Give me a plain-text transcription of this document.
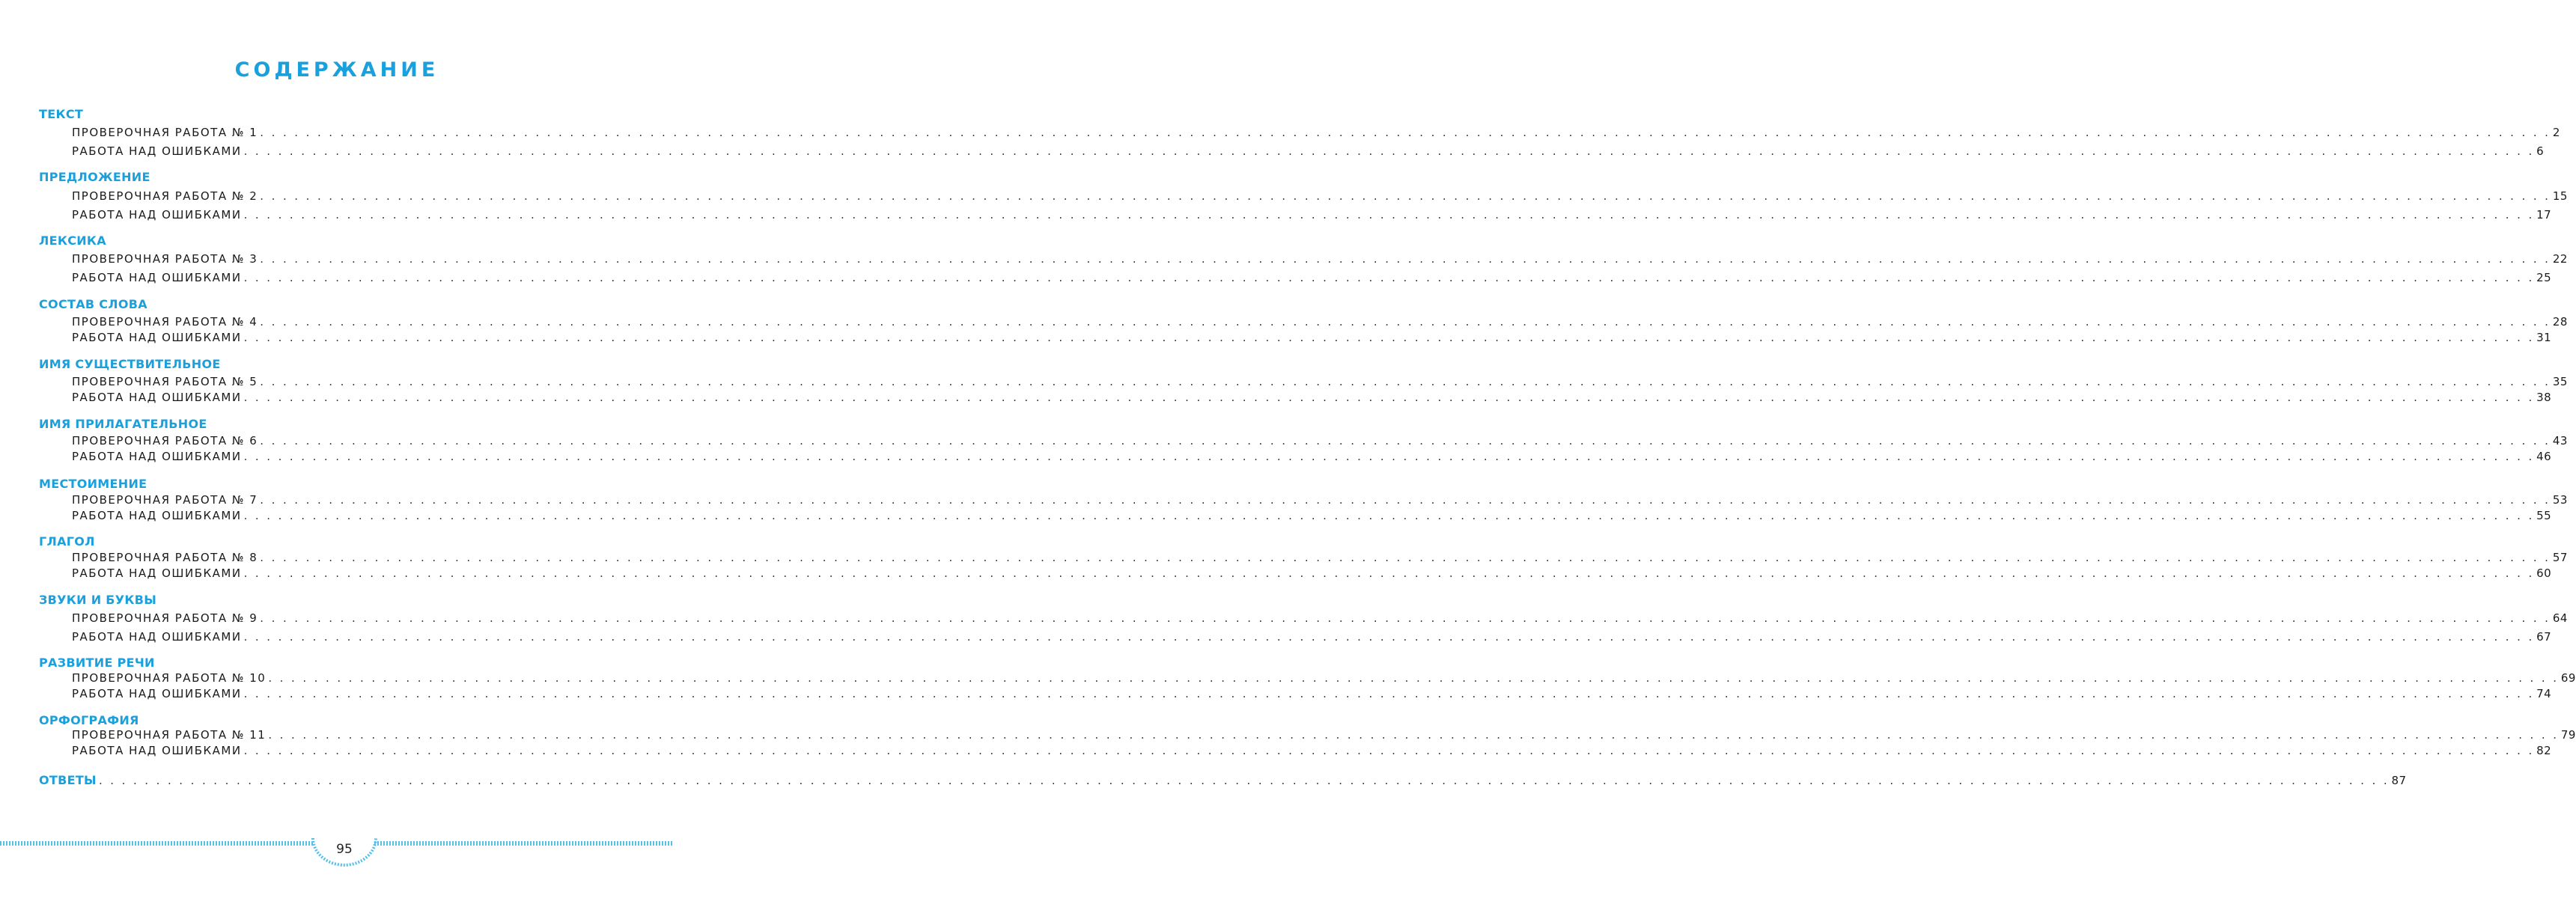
СОДЕРЖАНИЕ
ТЕКСТ
ПРОВЕРОЧНАЯ РАБОТА № 1 . . . . . . . . . . . . . . . . . . . . . . . . . . . . . . . . . . . . . . . . . . . . . . . . . . . . . . . . . . . . . . . . . . . . . . . . . . . . . . . . . . . . . . . . . . . . . . . . . . . . . . . . . . . . . . . . . . . . . . . . . . . . . . . . . . . . . . . . . . . . . . . . . . . . . . . . . . . . . . . . . . . . . . . . . . . . . . . . . . . . . . . . . . . . . . . . . . . . . . . . 2
РАБОТА НАД ОШИБКАМИ . . . . . . . . . . . . . . . . . . . . . . . . . . . . . . . . . . . . . . . . . . . . . . . . . . . . . . . . . . . . . . . . . . . . . . . . . . . . . . . . . . . . . . . . . . . . . . . . . . . . . . . . . . . . . . . . . . . . . . . . . . . . . . . . . . . . . . . . . . . . . . . . . . . . . . . . . . . . . . . . . . . . . . . . . . . . . . . . . . . . . . . . . . . . . . . . . . . . . . . . 6
ПРЕДЛОЖЕНИЕ
ПРОВЕРОЧНАЯ РАБОТА № 2 . . . . . . . . . . . . . . . . . . . . . . . . . . . . . . . . . . . . . . . . . . . . . . . . . . . . . . . . . . . . . . . . . . . . . . . . . . . . . . . . . . . . . . . . . . . . . . . . . . . . . . . . . . . . . . . . . . . . . . . . . . . . . . . . . . . . . . . . . . . . . . . . . . . . . . . . . . . . . . . . . . . . . . . . . . . . . . . . . . . . . . . . . . . . . . . . . . . . . . . . 15
РАБОТА НАД ОШИБКАМИ . . . . . . . . . . . . . . . . . . . . . . . . . . . . . . . . . . . . . . . . . . . . . . . . . . . . . . . . . . . . . . . . . . . . . . . . . . . . . . . . . . . . . . . . . . . . . . . . . . . . . . . . . . . . . . . . . . . . . . . . . . . . . . . . . . . . . . . . . . . . . . . . . . . . . . . . . . . . . . . . . . . . . . . . . . . . . . . . . . . . . . . . . . . . . . . . . . . . . . . . 17
ЛЕКСИКА
ПРОВЕРОЧНАЯ РАБОТА № 3 . . . . . . . . . . . . . . . . . . . . . . . . . . . . . . . . . . . . . . . . . . . . . . . . . . . . . . . . . . . . . . . . . . . . . . . . . . . . . . . . . . . . . . . . . . . . . . . . . . . . . . . . . . . . . . . . . . . . . . . . . . . . . . . . . . . . . . . . . . . . . . . . . . . . . . . . . . . . . . . . . . . . . . . . . . . . . . . . . . . . . . . . . . . . . . . . . . . . . . . . 22
РАБОТА НАД ОШИБКАМИ . . . . . . . . . . . . . . . . . . . . . . . . . . . . . . . . . . . . . . . . . . . . . . . . . . . . . . . . . . . . . . . . . . . . . . . . . . . . . . . . . . . . . . . . . . . . . . . . . . . . . . . . . . . . . . . . . . . . . . . . . . . . . . . . . . . . . . . . . . . . . . . . . . . . . . . . . . . . . . . . . . . . . . . . . . . . . . . . . . . . . . . . . . . . . . . . . . . . . . . . 25
СОСТАВ СЛОВА
ПРОВЕРОЧНАЯ РАБОТА № 4 . . . . . . . . . . . . . . . . . . . . . . . . . . . . . . . . . . . . . . . . . . . . . . . . . . . . . . . . . . . . . . . . . . . . . . . . . . . . . . . . . . . . . . . . . . . . . . . . . . . . . . . . . . . . . . . . . . . . . . . . . . . . . . . . . . . . . . . . . . . . . . . . . . . . . . . . . . . . . . . . . . . . . . . . . . . . . . . . . . . . . . . . . . . . . . . . . . . . . . . . 28
РАБОТА НАД ОШИБКАМИ . . . . . . . . . . . . . . . . . . . . . . . . . . . . . . . . . . . . . . . . . . . . . . . . . . . . . . . . . . . . . . . . . . . . . . . . . . . . . . . . . . . . . . . . . . . . . . . . . . . . . . . . . . . . . . . . . . . . . . . . . . . . . . . . . . . . . . . . . . . . . . . . . . . . . . . . . . . . . . . . . . . . . . . . . . . . . . . . . . . . . . . . . . . . . . . . . . . . . . . . 31
ИМЯ СУЩЕСТВИТЕЛЬНОЕ
ПРОВЕРОЧНАЯ РАБОТА № 5 . . . . . . . . . . . . . . . . . . . . . . . . . . . . . . . . . . . . . . . . . . . . . . . . . . . . . . . . . . . . . . . . . . . . . . . . . . . . . . . . . . . . . . . . . . . . . . . . . . . . . . . . . . . . . . . . . . . . . . . . . . . . . . . . . . . . . . . . . . . . . . . . . . . . . . . . . . . . . . . . . . . . . . . . . . . . . . . . . . . . . . . . . . . . . . . . . . . . . . . . 35
РАБОТА НАД ОШИБКАМИ . . . . . . . . . . . . . . . . . . . . . . . . . . . . . . . . . . . . . . . . . . . . . . . . . . . . . . . . . . . . . . . . . . . . . . . . . . . . . . . . . . . . . . . . . . . . . . . . . . . . . . . . . . . . . . . . . . . . . . . . . . . . . . . . . . . . . . . . . . . . . . . . . . . . . . . . . . . . . . . . . . . . . . . . . . . . . . . . . . . . . . . . . . . . . . . . . . . . . . . . 38
ИМЯ ПРИЛАГАТЕЛЬНОЕ
ПРОВЕРОЧНАЯ РАБОТА № 6 . . . . . . . . . . . . . . . . . . . . . . . . . . . . . . . . . . . . . . . . . . . . . . . . . . . . . . . . . . . . . . . . . . . . . . . . . . . . . . . . . . . . . . . . . . . . . . . . . . . . . . . . . . . . . . . . . . . . . . . . . . . . . . . . . . . . . . . . . . . . . . . . . . . . . . . . . . . . . . . . . . . . . . . . . . . . . . . . . . . . . . . . . . . . . . . . . . . . . . . . 43
РАБОТА НАД ОШИБКАМИ . . . . . . . . . . . . . . . . . . . . . . . . . . . . . . . . . . . . . . . . . . . . . . . . . . . . . . . . . . . . . . . . . . . . . . . . . . . . . . . . . . . . . . . . . . . . . . . . . . . . . . . . . . . . . . . . . . . . . . . . . . . . . . . . . . . . . . . . . . . . . . . . . . . . . . . . . . . . . . . . . . . . . . . . . . . . . . . . . . . . . . . . . . . . . . . . . . . . . . . . 46
МЕСТОИМЕНИЕ
ПРОВЕРОЧНАЯ РАБОТА № 7 . . . . . . . . . . . . . . . . . . . . . . . . . . . . . . . . . . . . . . . . . . . . . . . . . . . . . . . . . . . . . . . . . . . . . . . . . . . . . . . . . . . . . . . . . . . . . . . . . . . . . . . . . . . . . . . . . . . . . . . . . . . . . . . . . . . . . . . . . . . . . . . . . . . . . . . . . . . . . . . . . . . . . . . . . . . . . . . . . . . . . . . . . . . . . . . . . . . . . . . . 53
РАБОТА НАД ОШИБКАМИ . . . . . . . . . . . . . . . . . . . . . . . . . . . . . . . . . . . . . . . . . . . . . . . . . . . . . . . . . . . . . . . . . . . . . . . . . . . . . . . . . . . . . . . . . . . . . . . . . . . . . . . . . . . . . . . . . . . . . . . . . . . . . . . . . . . . . . . . . . . . . . . . . . . . . . . . . . . . . . . . . . . . . . . . . . . . . . . . . . . . . . . . . . . . . . . . . . . . . . . . 55
ГЛАГОЛ
ПРОВЕРОЧНАЯ РАБОТА № 8 . . . . . . . . . . . . . . . . . . . . . . . . . . . . . . . . . . . . . . . . . . . . . . . . . . . . . . . . . . . . . . . . . . . . . . . . . . . . . . . . . . . . . . . . . . . . . . . . . . . . . . . . . . . . . . . . . . . . . . . . . . . . . . . . . . . . . . . . . . . . . . . . . . . . . . . . . . . . . . . . . . . . . . . . . . . . . . . . . . . . . . . . . . . . . . . . . . . . . . . . 57
РАБОТА НАД ОШИБКАМИ . . . . . . . . . . . . . . . . . . . . . . . . . . . . . . . . . . . . . . . . . . . . . . . . . . . . . . . . . . . . . . . . . . . . . . . . . . . . . . . . . . . . . . . . . . . . . . . . . . . . . . . . . . . . . . . . . . . . . . . . . . . . . . . . . . . . . . . . . . . . . . . . . . . . . . . . . . . . . . . . . . . . . . . . . . . . . . . . . . . . . . . . . . . . . . . . . . . . . . . . 60
ЗВУКИ И БУКВЫ
ПРОВЕРОЧНАЯ РАБОТА № 9 . . . . . . . . . . . . . . . . . . . . . . . . . . . . . . . . . . . . . . . . . . . . . . . . . . . . . . . . . . . . . . . . . . . . . . . . . . . . . . . . . . . . . . . . . . . . . . . . . . . . . . . . . . . . . . . . . . . . . . . . . . . . . . . . . . . . . . . . . . . . . . . . . . . . . . . . . . . . . . . . . . . . . . . . . . . . . . . . . . . . . . . . . . . . . . . . . . . . . . . . 64
РАБОТА НАД ОШИБКАМИ . . . . . . . . . . . . . . . . . . . . . . . . . . . . . . . . . . . . . . . . . . . . . . . . . . . . . . . . . . . . . . . . . . . . . . . . . . . . . . . . . . . . . . . . . . . . . . . . . . . . . . . . . . . . . . . . . . . . . . . . . . . . . . . . . . . . . . . . . . . . . . . . . . . . . . . . . . . . . . . . . . . . . . . . . . . . . . . . . . . . . . . . . . . . . . . . . . . . . . . . 67
РАЗВИТИЕ РЕЧИ
ПРОВЕРОЧНАЯ РАБОТА № 10 . . . . . . . . . . . . . . . . . . . . . . . . . . . . . . . . . . . . . . . . . . . . . . . . . . . . . . . . . . . . . . . . . . . . . . . . . . . . . . . . . . . . . . . . . . . . . . . . . . . . . . . . . . . . . . . . . . . . . . . . . . . . . . . . . . . . . . . . . . . . . . . . . . . . . . . . . . . . . . . . . . . . . . . . . . . . . . . . . . . . . . . . . . . . . . . . . . . . . . . . 69
РАБОТА НАД ОШИБКАМИ . . . . . . . . . . . . . . . . . . . . . . . . . . . . . . . . . . . . . . . . . . . . . . . . . . . . . . . . . . . . . . . . . . . . . . . . . . . . . . . . . . . . . . . . . . . . . . . . . . . . . . . . . . . . . . . . . . . . . . . . . . . . . . . . . . . . . . . . . . . . . . . . . . . . . . . . . . . . . . . . . . . . . . . . . . . . . . . . . . . . . . . . . . . . . . . . . . . . . . . . 74
ОРФОГРАФИЯ
ПРОВЕРОЧНАЯ РАБОТА № 11 . . . . . . . . . . . . . . . . . . . . . . . . . . . . . . . . . . . . . . . . . . . . . . . . . . . . . . . . . . . . . . . . . . . . . . . . . . . . . . . . . . . . . . . . . . . . . . . . . . . . . . . . . . . . . . . . . . . . . . . . . . . . . . . . . . . . . . . . . . . . . . . . . . . . . . . . . . . . . . . . . . . . . . . . . . . . . . . . . . . . . . . . . . . . . . . . . . . . . . . . 79
РАБОТА НАД ОШИБКАМИ . . . . . . . . . . . . . . . . . . . . . . . . . . . . . . . . . . . . . . . . . . . . . . . . . . . . . . . . . . . . . . . . . . . . . . . . . . . . . . . . . . . . . . . . . . . . . . . . . . . . . . . . . . . . . . . . . . . . . . . . . . . . . . . . . . . . . . . . . . . . . . . . . . . . . . . . . . . . . . . . . . . . . . . . . . . . . . . . . . . . . . . . . . . . . . . . . . . . . . . . 82
ОТВЕТЫ . . . . . . . . . . . . . . . . . . . . . . . . . . . . . . . . . . . . . . . . . . . . . . . . . . . . . . . . . . . . . . . . . . . . . . . . . . . . . . . . . . . . . . . . . . . . . . . . . . . . . . . . . . . . . . . . . . . . . . . . . . . . . . . . . . . . . . . . . . . . . . . . . . . . . . . . . . . . . . . . . . . . . . . . . . . . . . . . . . . . . . . . . . . . . . . . . . . . . . . . 87
95
